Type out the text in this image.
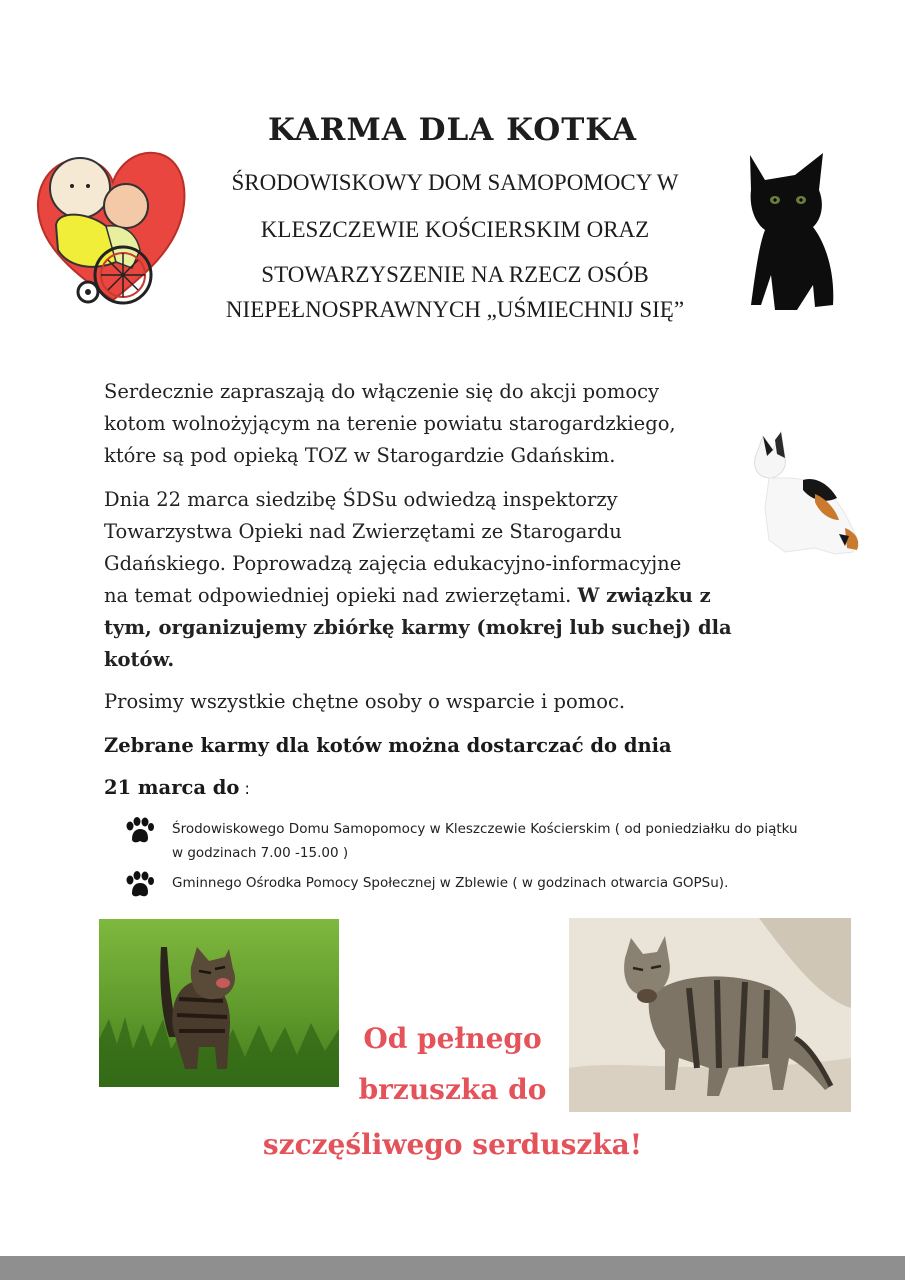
KARMA DLA KOTKA
ŚRODOWISKOWY DOM SAMOPOMOCY W
KLESZCZEWIE KOŚCIERSKIM ORAZ
STOWARZYSZENIE NA RZECZ OSÓB
NIEPEŁNOSPRAWNYCH „UŚMIECHNIJ SIĘ”
Serdecznie zapraszają do włączenie się do akcji pomocy
kotom wolnożyjącym na terenie powiatu starogardzkiego,
które są pod opieką TOZ w Starogardzie Gdańskim.
Dnia 22 marca siedzibę ŚDSu odwiedzą inspektorzy
Towarzystwa Opieki nad Zwierzętami ze Starogardu
Gdańskiego. Poprowadzą zajęcia edukacyjno-informacyjne
na temat odpowiedniej opieki nad zwierzętami. W związku z
tym, organizujemy zbiórkę karmy (mokrej lub suchej) dla
kotów.
Prosimy wszystkie chętne osoby o wsparcie i pomoc.
Zebrane karmy dla kotów można dostarczać do dnia
21 marca do :
Środowiskowego Domu Samopomocy w Kleszczewie Kościerskim ( od poniedziałku do piątku w godzinach 7.00 -15.00 )
Gminnego Ośrodka Pomocy Społecznej w Zblewie ( w godzinach otwarcia GOPSu).
Od pełnego
brzuszka do
szczęśliwego serduszka!
